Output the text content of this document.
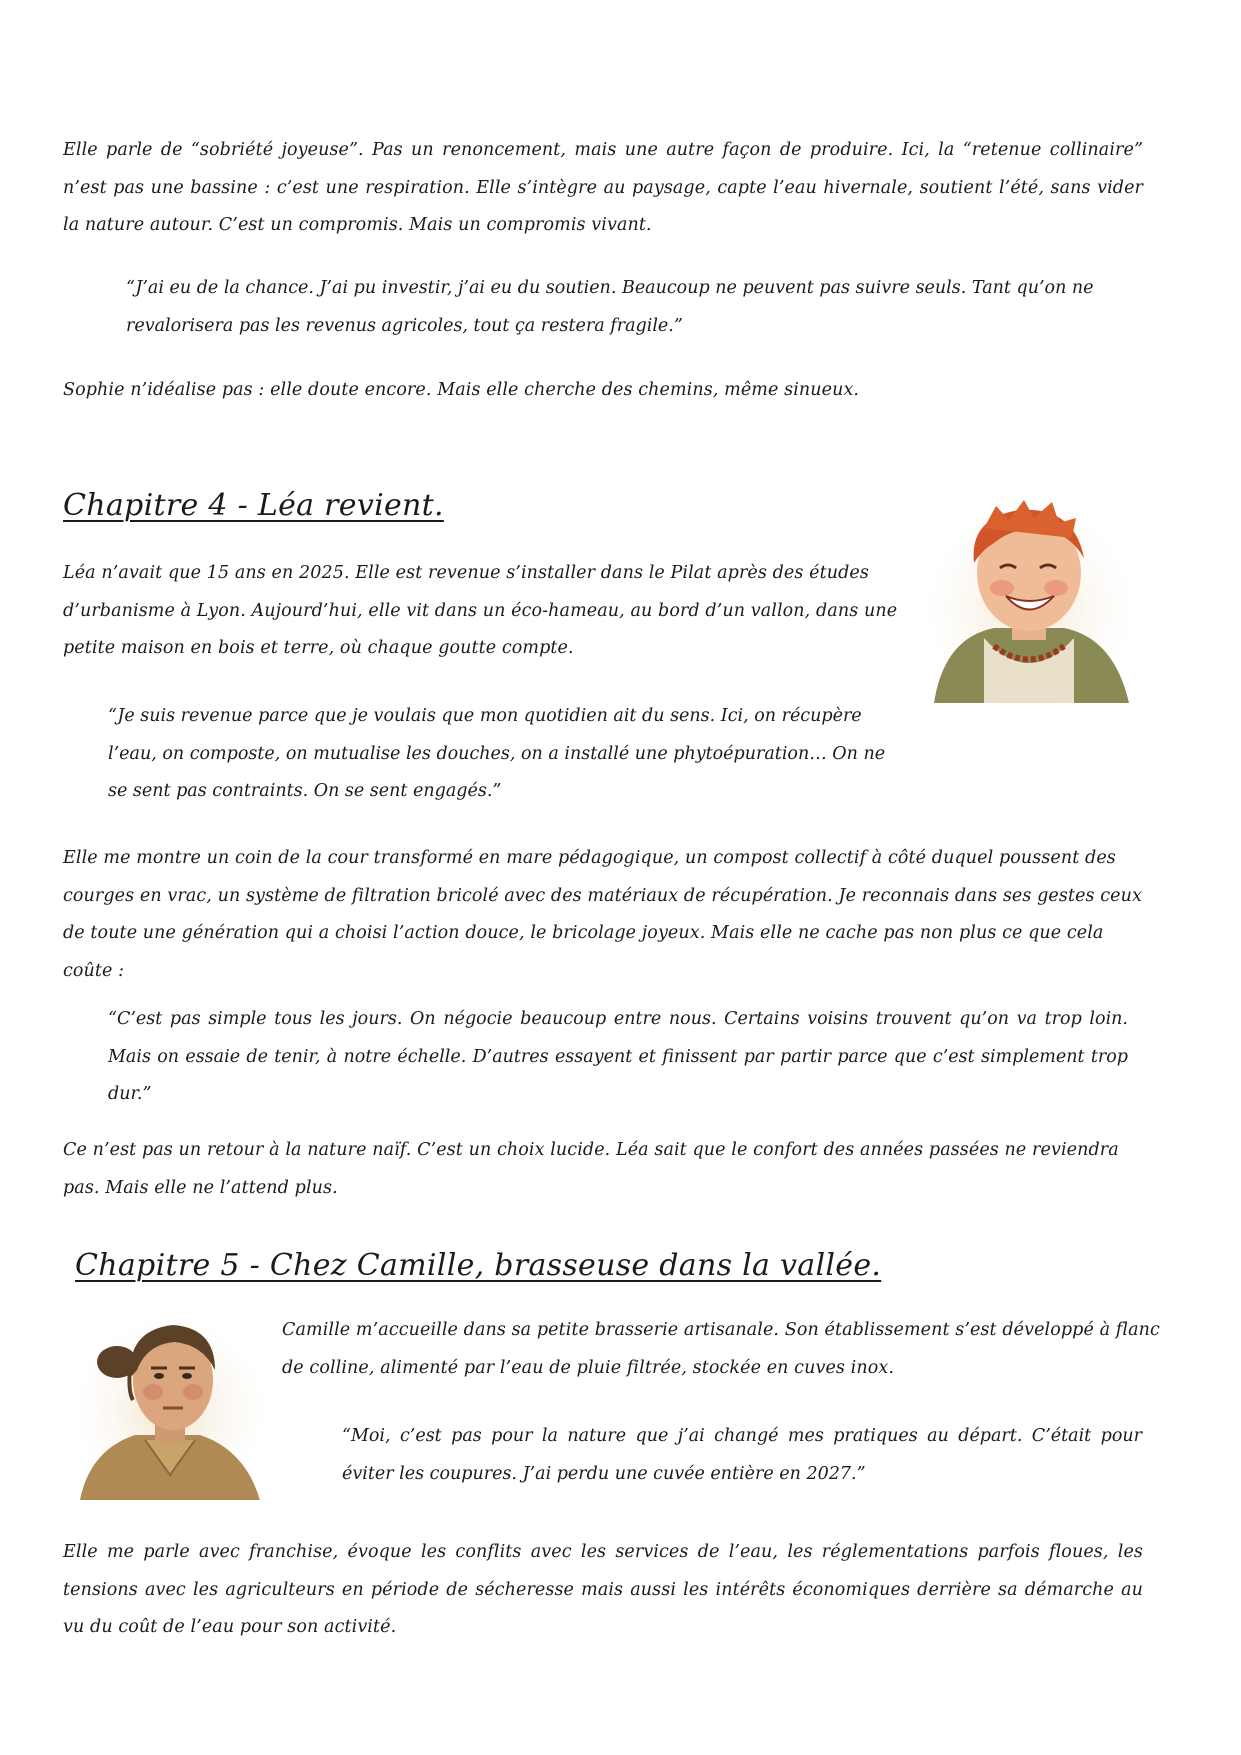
Elle parle de “sobriété joyeuse”. Pas un renoncement, mais une autre façon de produire. Ici, la “retenue collinaire” n’est pas une bassine : c’est une respiration. Elle s’intègre au paysage, capte l’eau hivernale, soutient l’été, sans vider la nature autour. C’est un compromis. Mais un compromis vivant.

“J’ai eu de la chance. J’ai pu investir, j’ai eu du soutien. Beaucoup ne peuvent pas suivre seuls. Tant qu’on ne revalorisera pas les revenus agricoles, tout ça restera fragile.”

Sophie n’idéalise pas : elle doute encore. Mais elle cherche des chemins, même sinueux.

Chapitre 4 - Léa revient.

Léa n’avait que 15 ans en 2025. Elle est revenue s’installer dans le Pilat après des études d’urbanisme à Lyon. Aujourd’hui, elle vit dans un éco-hameau, au bord d’un vallon, dans une petite maison en bois et terre, où chaque goutte compte.

“Je suis revenue parce que je voulais que mon quotidien ait du sens. Ici, on récupère l’eau, on composte, on mutualise les douches, on a installé une phytoépuration… On ne se sent pas contraints. On se sent engagés.”

Elle me montre un coin de la cour transformé en mare pédagogique, un compost collectif à côté duquel poussent des courges en vrac, un système de filtration bricolé avec des matériaux de récupération. Je reconnais dans ses gestes ceux de toute une génération qui a choisi l’action douce, le bricolage joyeux. Mais elle ne cache pas non plus ce que cela coûte :

“C’est pas simple tous les jours. On négocie beaucoup entre nous. Certains voisins trouvent qu’on va trop loin. Mais on essaie de tenir, à notre échelle. D’autres essayent et finissent par partir parce que c’est simplement trop dur.”

Ce n’est pas un retour à la nature naïf. C’est un choix lucide. Léa sait que le confort des années passées ne reviendra pas. Mais elle ne l’attend plus.

Chapitre 5 - Chez Camille, brasseuse dans la vallée.

Camille m’accueille dans sa petite brasserie artisanale. Son établissement s’est développé à flanc de colline, alimenté par l’eau de pluie filtrée, stockée en cuves inox.

“Moi, c’est pas pour la nature que j’ai changé mes pratiques au départ. C’était pour éviter les coupures. J’ai perdu une cuvée entière en 2027.”

Elle me parle avec franchise, évoque les conflits avec les services de l’eau, les réglementations parfois floues, les tensions avec les agriculteurs en période de sécheresse mais aussi les intérêts économiques derrière sa démarche au vu du coût de l’eau pour son activité.
